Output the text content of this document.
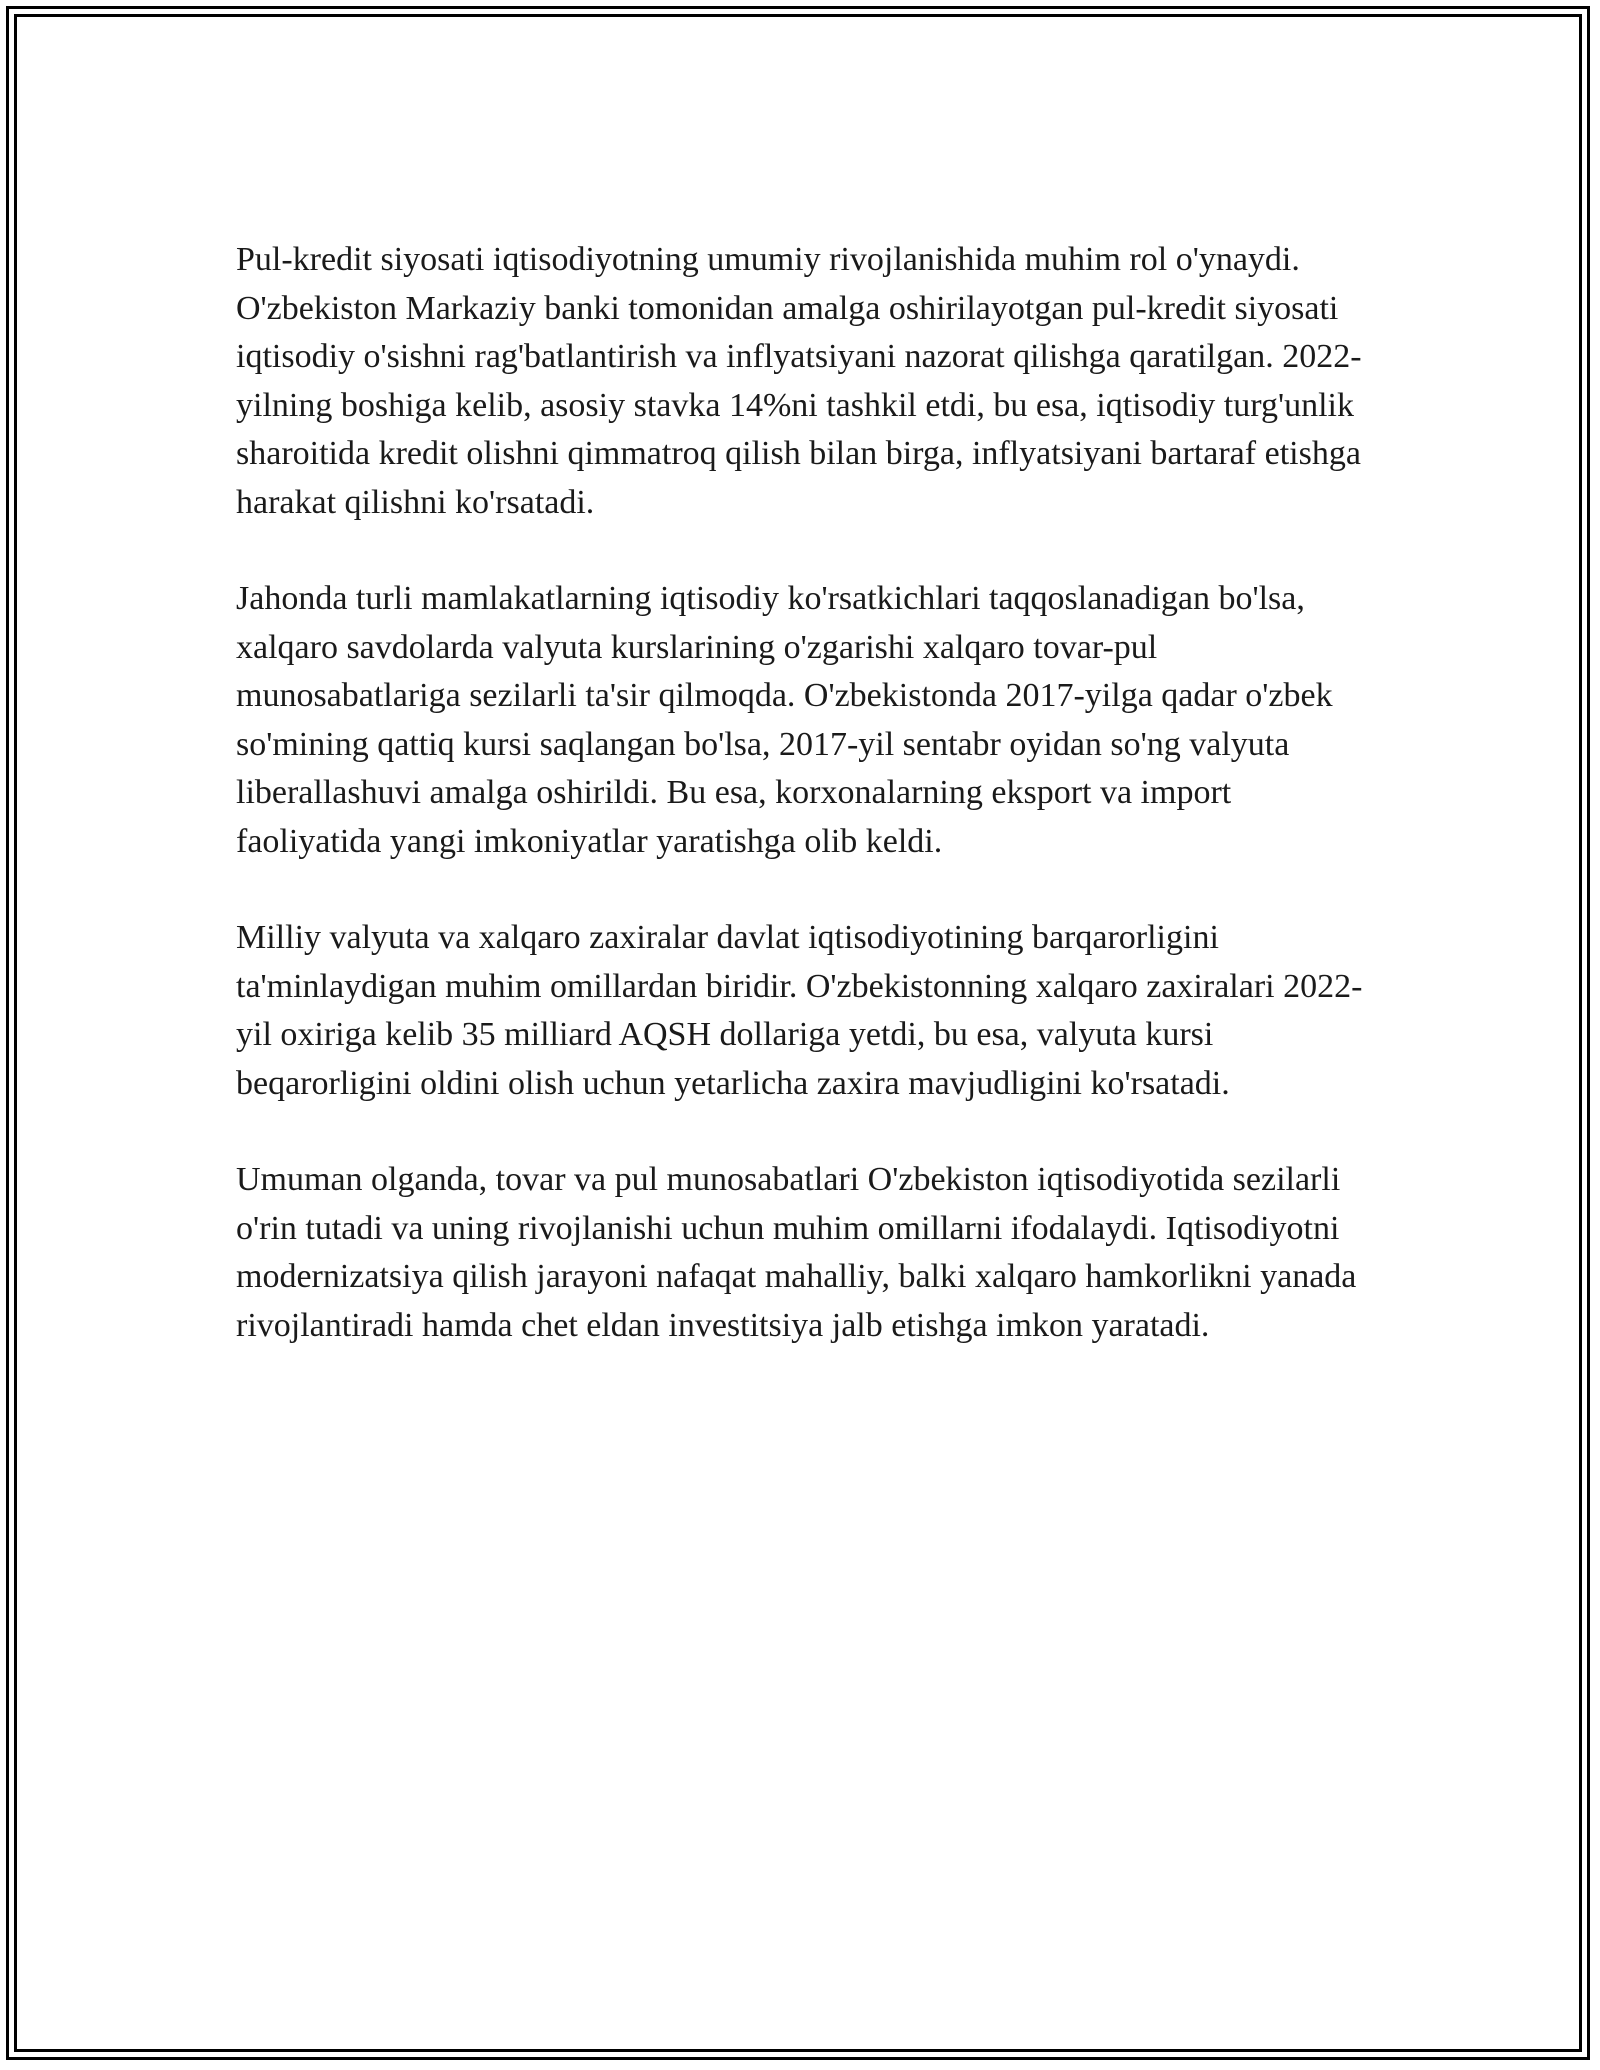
Pul-kredit siyosati iqtisodiyotning umumiy rivojlanishida muhim rol o'ynaydi. O'zbekiston Markaziy banki tomonidan amalga oshirilayotgan pul-kredit siyosati iqtisodiy o'sishni rag'batlantirish va inflyatsiyani nazorat qilishga qaratilgan. 2022-yilning boshiga kelib, asosiy stavka 14%ni tashkil etdi, bu esa, iqtisodiy turg'unlik sharoitida kredit olishni qimmatroq qilish bilan birga, inflyatsiyani bartaraf etishga harakat qilishni ko'rsatadi.

Jahonda turli mamlakatlarning iqtisodiy ko'rsatkichlari taqqoslanadigan bo'lsa, xalqaro savdolarda valyuta kurslarining o'zgarishi xalqaro tovar-pul munosabatlariga sezilarli ta'sir qilmoqda. O'zbekistonda 2017-yilga qadar o'zbek so'mining qattiq kursi saqlangan bo'lsa, 2017-yil sentabr oyidan so'ng valyuta liberallashuvi amalga oshirildi. Bu esa, korxonalarning eksport va import faoliyatida yangi imkoniyatlar yaratishga olib keldi.

Milliy valyuta va xalqaro zaxiralar davlat iqtisodiyotining barqarorligini ta'minlaydigan muhim omillardan biridir. O'zbekistonning xalqaro zaxiralari 2022-yil oxiriga kelib 35 milliard AQSH dollariga yetdi, bu esa, valyuta kursi beqarorligini oldini olish uchun yetarlicha zaxira mavjudligini ko'rsatadi.

Umuman olganda, tovar va pul munosabatlari O'zbekiston iqtisodiyotida sezilarli o'rin tutadi va uning rivojlanishi uchun muhim omillarni ifodalaydi. Iqtisodiyotni modernizatsiya qilish jarayoni nafaqat mahalliy, balki xalqaro hamkorlikni yanada rivojlantiradi hamda chet eldan investitsiya jalb etishga imkon yaratadi.
